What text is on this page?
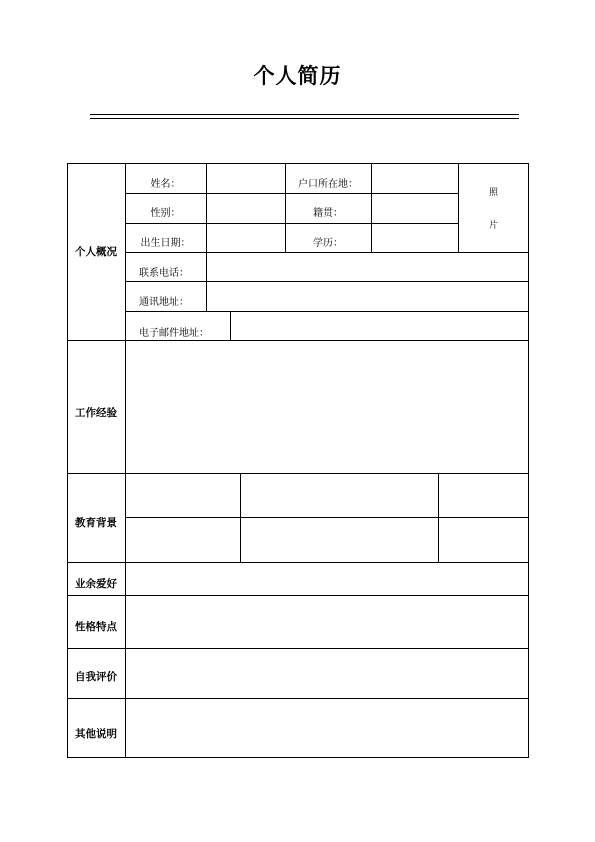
个人简历
个人概况
姓名：	户口所在地：
性别：	籍贯：
出生日期：	学历：
照
片
联系电话：
通讯地址：
电子邮件地址：
工作经验
教育背景
业余爱好
性格特点
自我评价
其他说明
